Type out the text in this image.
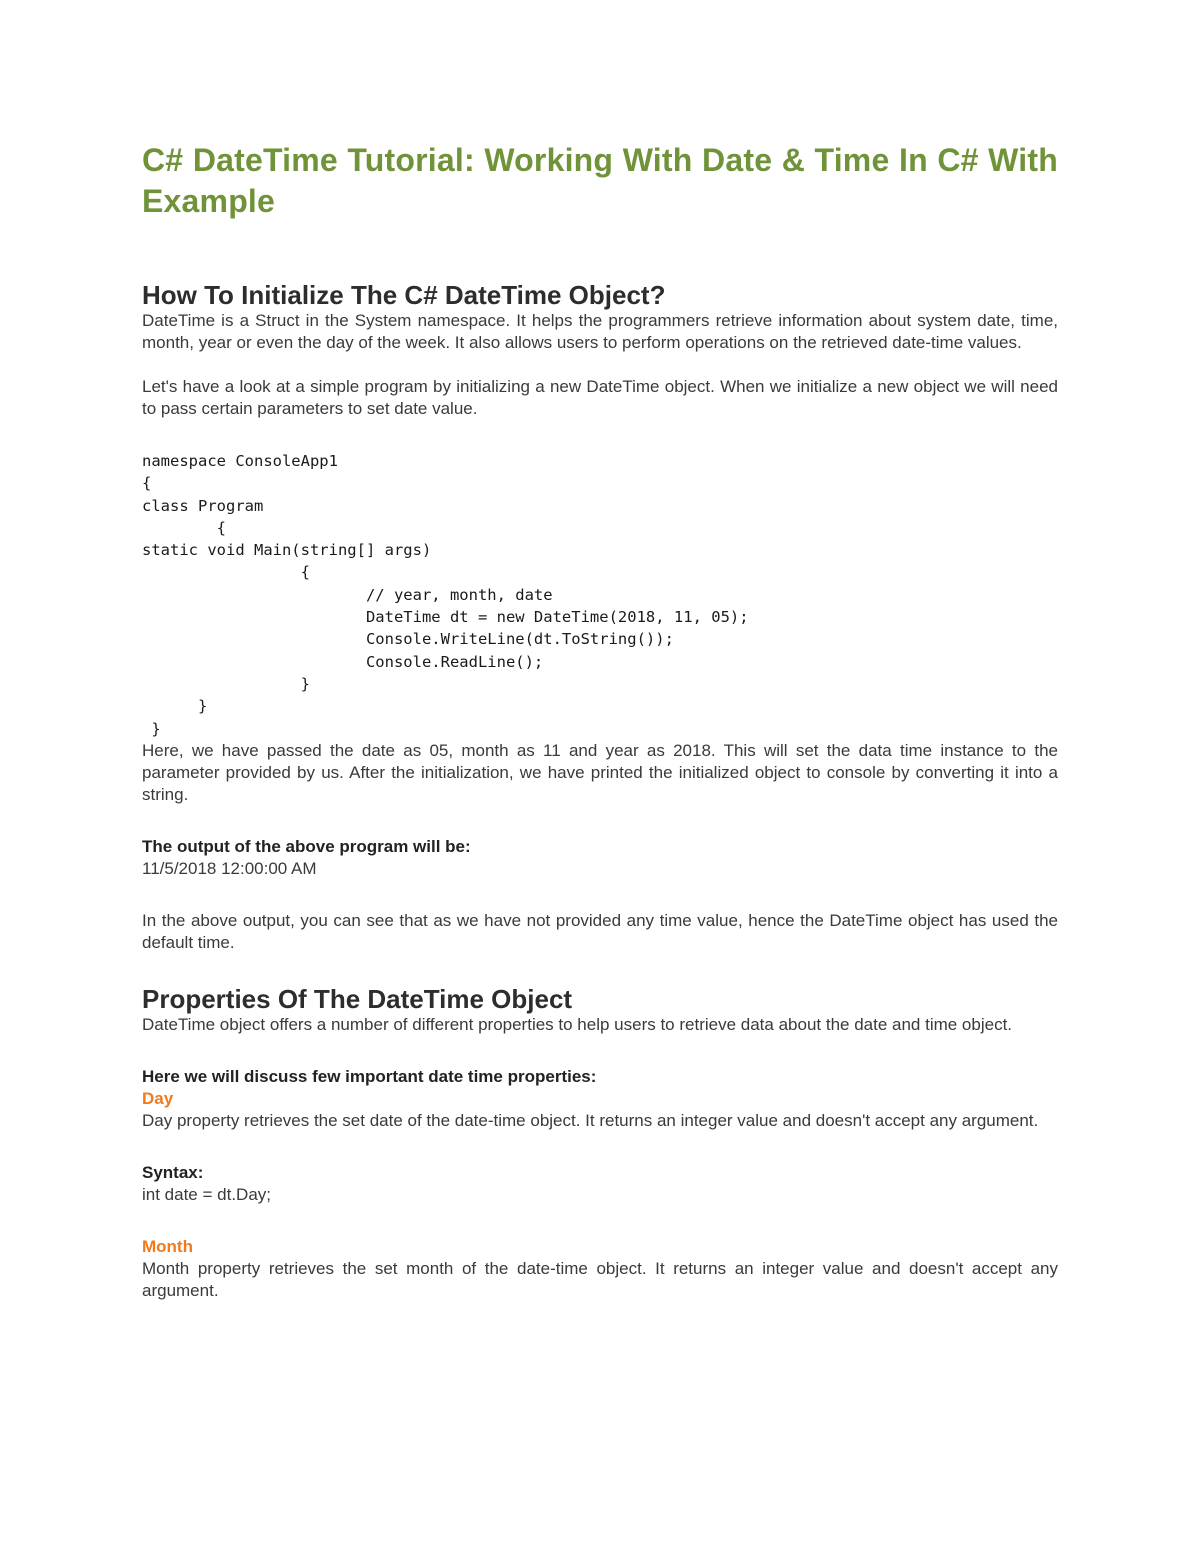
C# DateTime Tutorial: Working With Date & Time In C# With Example
How To Initialize The C# DateTime Object?

DateTime is a Struct in the System namespace. It helps the programmers retrieve information about system date, time, month, year or even the day of the week. It also allows users to perform operations on the retrieved date-time values.

Let's have a look at a simple program by initializing a new DateTime object. When we initialize a new object we will need to pass certain parameters to set date value.

namespace ConsoleApp1
{
class Program
{
static void Main(string[] args)
{
// year, month, date
DateTime dt = new DateTime(2018, 11, 05);
Console.WriteLine(dt.ToString());
Console.ReadLine();
}
}
}

Here, we have passed the date as 05, month as 11 and year as 2018. This will set the data time instance to the parameter provided by us. After the initialization, we have printed the initialized object to console by converting it into a string.

The output of the above program will be:

11/5/2018 12:00:00 AM

In the above output, you can see that as we have not provided any time value, hence the DateTime object has used the default time.

Properties Of The DateTime Object

DateTime object offers a number of different properties to help users to retrieve data about the date and time object.

Here we will discuss few important date time properties:

Day

Day property retrieves the set date of the date-time object. It returns an integer value and doesn't accept any argument.

Syntax:

int date = dt.Day;

Month

Month property retrieves the set month of the date-time object. It returns an integer value and doesn't accept any argument.
